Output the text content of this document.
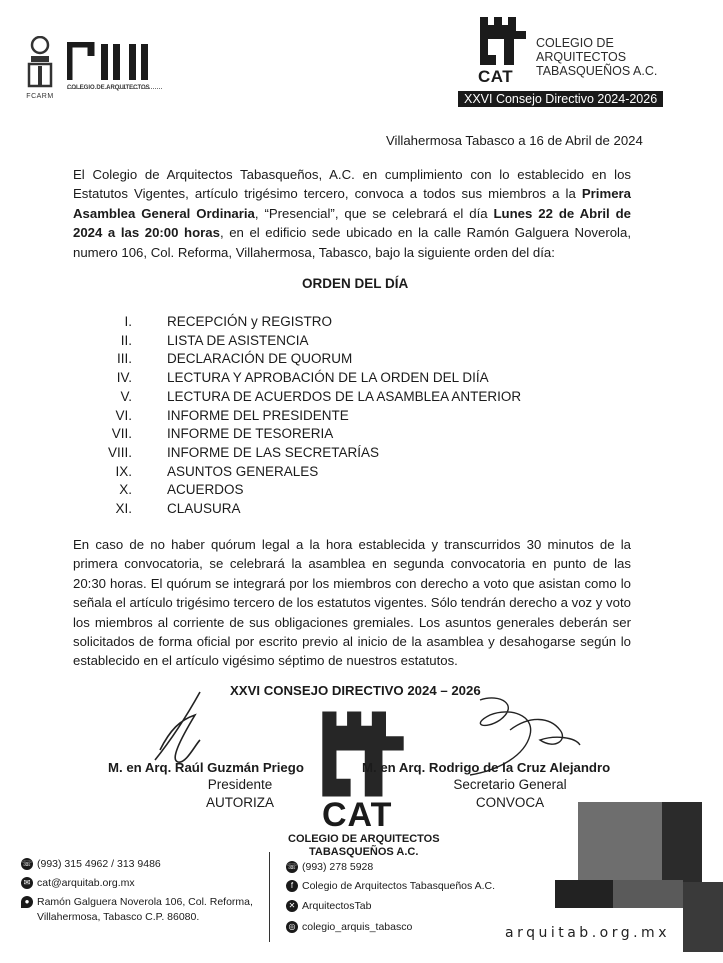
FCARM
COLEGIO DE ARQUITECTOS
CAT
COLEGIO DE
ARQUITECTOS
TABASQUEÑOS A.C.
XXVI Consejo Directivo 2024-2026
Villahermosa Tabasco a 16 de Abril de 2024
El Colegio de Arquitectos Tabasqueños, A.C. en cumplimiento con lo establecido en los Estatutos Vigentes, artículo trigésimo tercero, convoca a todos sus miembros a la Primera Asamblea General Ordinaria, “Presencial”, que se celebrará el día Lunes 22 de Abril de 2024 a las 20:00 horas, en el edificio sede ubicado en la calle Ramón Galguera Noverola, numero 106, Col. Reforma, Villahermosa, Tabasco, bajo la siguiente orden del día:
ORDEN DEL DÍA
I.	RECEPCIÓN y REGISTRO
II.	LISTA DE ASISTENCIA
III.	DECLARACIÓN DE QUORUM
IV.	LECTURA Y APROBACIÓN DE LA ORDEN DEL DIÍA
V.	LECTURA DE ACUERDOS DE LA ASAMBLEA ANTERIOR
VI.	INFORME DEL PRESIDENTE
VII.	INFORME DE TESORERIA
VIII.	INFORME DE LAS SECRETARÍAS
IX.	ASUNTOS GENERALES
X.	ACUERDOS
XI.	CLAUSURA
En caso de no haber quórum legal a la hora establecida y transcurridos 30 minutos de la primera convocatoria, se celebrará la asamblea en segunda convocatoria en punto de las 20:30 horas. El quórum se integrará por los miembros con derecho a voto que asistan como lo señala el artículo trigésimo tercero de los estatutos vigentes. Sólo tendrán derecho a voz y voto los miembros al corriente de sus obligaciones gremiales. Los asuntos generales deberán ser solicitados de forma oficial por escrito previo al inicio de la asamblea y desahogarse según lo establecido en el artículo vigésimo séptimo de nuestros estatutos.
XXVI CONSEJO DIRECTIVO 2024 – 2026
M. en Arq. Raúl Guzmán Priego
Presidente
AUTORIZA
M. en Arq. Rodrigo de la Cruz Alejandro
Secretario General
CONVOCA
CAT
COLEGIO DE ARQUITECTOS
TABASQUEÑOS A.C.
☏ (993) 315 4962 / 313 9486
✉ cat@arquitab.org.mx
● Ramón Galguera Noverola 106, Col. Reforma,
Villahermosa, Tabasco C.P. 86080.
☏ (993) 278 5928
f Colegio de Arquitectos Tabasqueños A.C.
✕ ArquitectosTab
◎ colegio_arquis_tabasco	arquitab.org.mx
